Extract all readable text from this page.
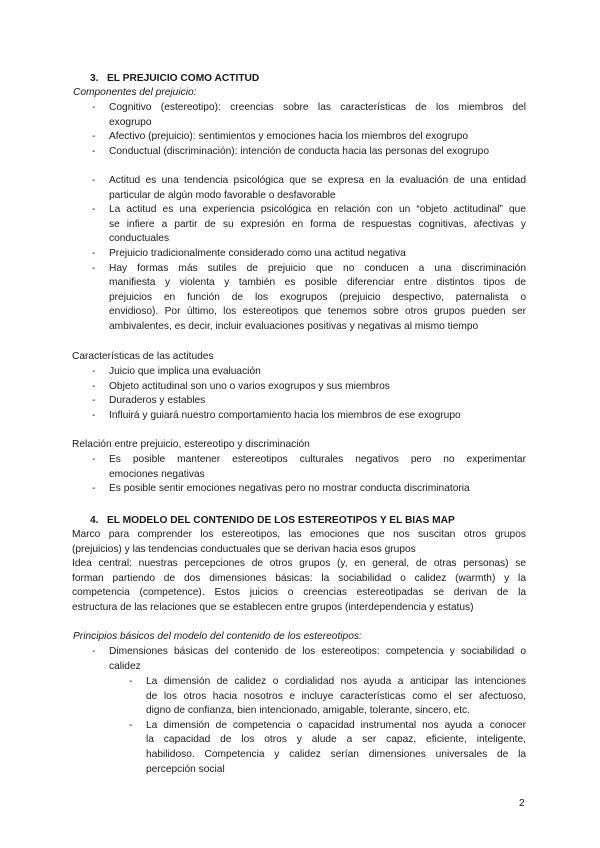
3. EL PREJUICIO COMO ACTITUD
Componentes del prejuicio:
- Cognitivo (estereotipo): creencias sobre las características de los miembros del
exogrupo
- Afectivo (prejuicio): sentimientos y emociones hacia los miembros del exogrupo
- Conductual (discriminación): intención de conducta hacia las personas del exogrupo
- Actitud es una tendencia psicológica que se expresa en la evaluación de una entidad
particular de algún modo favorable o desfavorable
- La actitud es una experiencia psicológica en relación con un “objeto actitudinal” que
se infiere a partir de su expresión en forma de respuestas cognitivas, afectivas y
conductuales
- Prejuicio tradicionalmente considerado como una actitud negativa
- Hay formas más sutiles de prejuicio que no conducen a una discriminación
manifiesta y violenta y también es posible diferenciar entre distintos tipos de
prejuicios en función de los exogrupos (prejuicio despectivo, paternalista o
envidioso). Por último, los estereotipos que tenemos sobre otros grupos pueden ser
ambivalentes, es decir, incluir evaluaciones positivas y negativas al mismo tiempo
Características de las actitudes
- Juicio que implica una evaluación
- Objeto actitudinal son uno o varios exogrupos y sus miembros
- Duraderos y estables
- Influirá y guiará nuestro comportamiento hacia los miembros de ese exogrupo
Relación entre prejuicio, estereotipo y discriminación
- Es posible mantener estereotipos culturales negativos pero no experimentar
emociones negativas
- Es posible sentir emociones negativas pero no mostrar conducta discriminatoria
4. EL MODELO DEL CONTENIDO DE LOS ESTEREOTIPOS Y EL BIAS MAP
Marco para comprender los estereotipos, las emociones que nos suscitan otros grupos
(prejuicios) y las tendencias conductuales que se derivan hacia esos grupos
Idea central: nuestras percepciones de otros grupos (y, en general, de otras personas) se
forman partiendo de dos dimensiones básicas: la sociabilidad o calidez (warmth) y la
competencia (competence). Estos juicios o creencias estereotipadas se derivan de la
estructura de las relaciones que se establecen entre grupos (interdependencia y estatus)
Principios básicos del modelo del contenido de los estereotipos:
- Dimensiones básicas del contenido de los estereotipos: competencia y sociabilidad o
calidez
- La dimensión de calidez o cordialidad nos ayuda a anticipar las intenciones
de los otros hacia nosotros e incluye características como el ser afectuoso,
digno de confianza, bien intencionado, amigable, tolerante, sincero, etc.
- La dimensión de competencia o capacidad instrumental nos ayuda a conocer
la capacidad de los otros y alude a ser capaz, eficiente, inteligente,
habilidoso. Competencia y calidez serían dimensiones universales de la
percepción social
2
